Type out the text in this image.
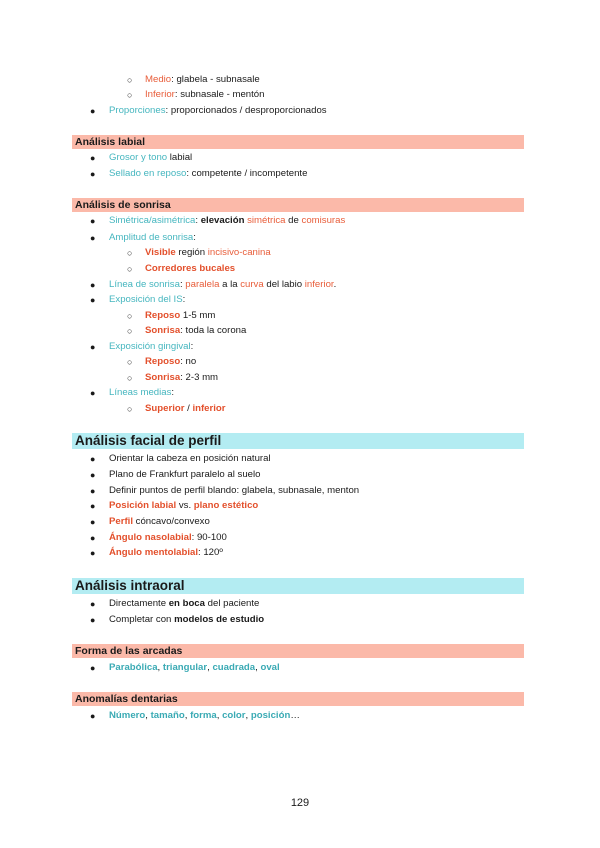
○ Medio: glabela - subnasale
○ Inferior: subnasale - mentón
● Proporciones: proporcionados / desproporcionados
Análisis labial
● Grosor y tono labial
● Sellado en reposo: competente / incompetente
Análisis de sonrisa
● Simétrica/asimétrica: elevación simétrica de comisuras
● Amplitud de sonrisa:
○ Visible región incisivo-canina
○ Corredores bucales
● Línea de sonrisa: paralela a la curva del labio inferior.
● Exposición del IS:
○ Reposo 1-5 mm
○ Sonrisa: toda la corona
● Exposición gingival:
○ Reposo: no
○ Sonrisa: 2-3 mm
● Líneas medias:
○ Superior / inferior
Análisis facial de perfil
● Orientar la cabeza en posición natural
● Plano de Frankfurt paralelo al suelo
● Definir puntos de perfil blando: glabela, subnasale, menton
● Posición labial vs. plano estético
● Perfil cóncavo/convexo
● Ángulo nasolabial: 90-100
● Ángulo mentolabial: 120º
Análisis intraoral
● Directamente en boca del paciente
● Completar con modelos de estudio
Forma de las arcadas
● Parabólica, triangular, cuadrada, oval
Anomalías dentarias
● Número, tamaño, forma, color, posición…
129
